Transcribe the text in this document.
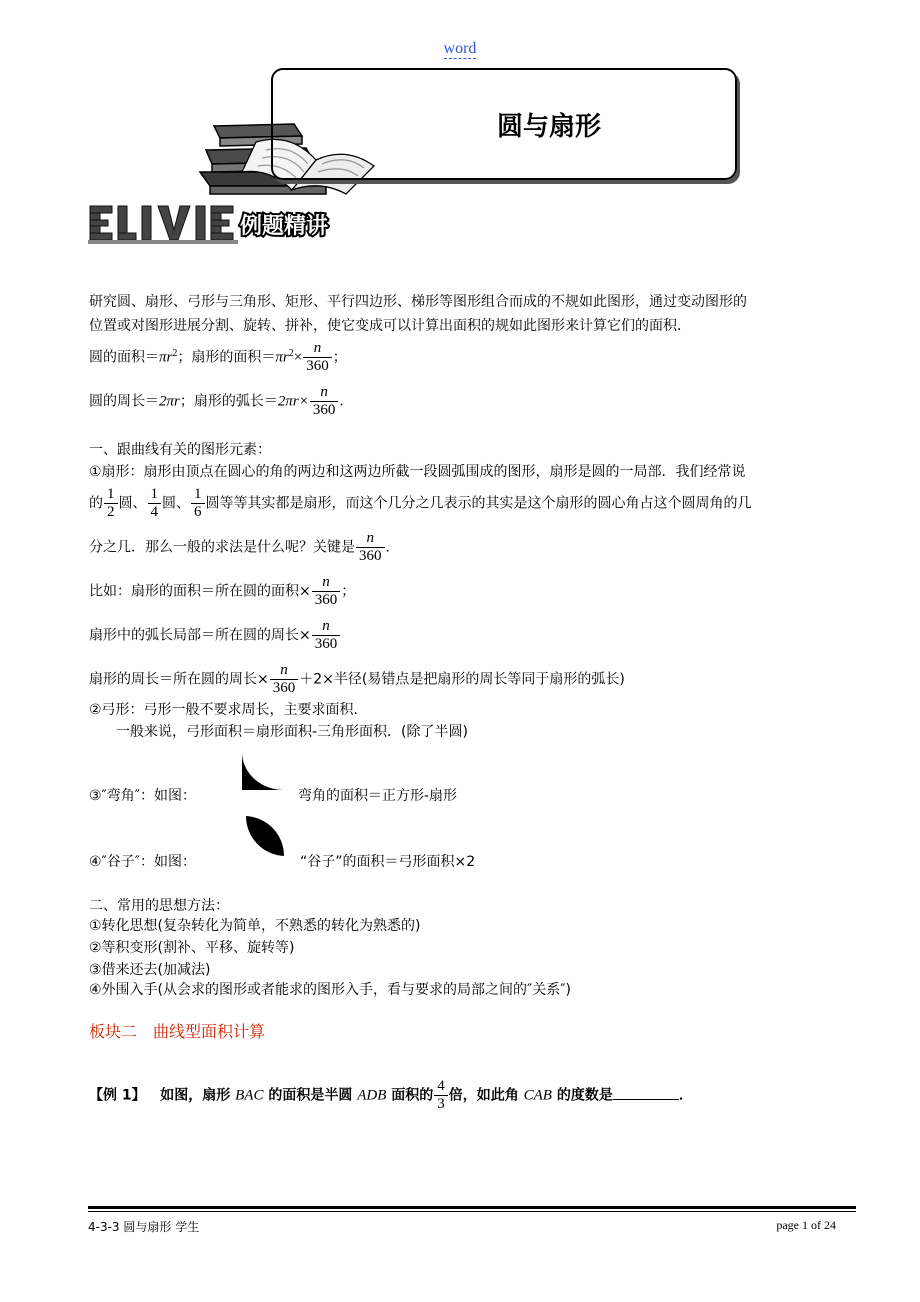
word
圆与扇形
例题精讲
研究圆、扇形、弓形与三角形、矩形、平行四边形、梯形等图形组合而成的不规如此图形，通过变动图形的
位置或对图形进展分割、旋转、拼补，使它变成可以计算出面积的规如此图形来计算它们的面积．
圆的面积$=\pi r^2$；扇形的面积$=\pi r^2\times \frac{n}{360}$ ；
圆的周长＝2πr；扇形的弧长$=2\pi r\times \frac{n}{360}$ ．
一、跟曲线有关的图形元素：
①扇形：扇形由顶点在圆心的角的两边和这两边所截一段圆弧围成的图形，扇形是圆的一局部．我们经常说
的 $\frac{1}{2}$ 圆、 $\frac{1}{4}$ 圆、 $\frac{1}{6}$ 圆等等其实都是扇形，而这个几分之几表示的其实是这个扇形的圆心角占这个圆周角的几
分之几．那么一般的求法是什么呢？关键是 $\frac{n}{360}$ ．
比如：扇形的面积＝所在圆的面积× $\frac{n}{360}$ ；
扇形中的弧长局部＝所在圆的周长× $\frac{n}{360}$
扇形的周长＝所在圆的周长× $\frac{n}{360} +2\times$半径(易错点是把扇形的周长等同于扇形的弧长)
②弓形：弓形一般不要求周长，主要求面积．
一般来说，弓形面积＝扇形面积-三角形面积．(除了半圆)
③″弯角″：如图：	弯角的面积＝正方形-扇形
④″谷子″：如图：	“谷子”的面积＝弓形面积×2
二、常用的思想方法：
①转化思想(复杂转化为简单，不熟悉的转化为熟悉的)
②等积变形(割补、平移、旋转等)
③借来还去(加减法)
④外围入手(从会求的图形或者能求的图形入手，看与要求的局部之间的″关系″)
板块二　曲线型面积计算
【例 1】 如图，扇形 BAC 的面积是半圆 ADB 面积的 $\frac{4}{3}$ 倍，如此角 CAB 的度数是	．
4-3-3 圆与扇形 学生	page 1 of 24
